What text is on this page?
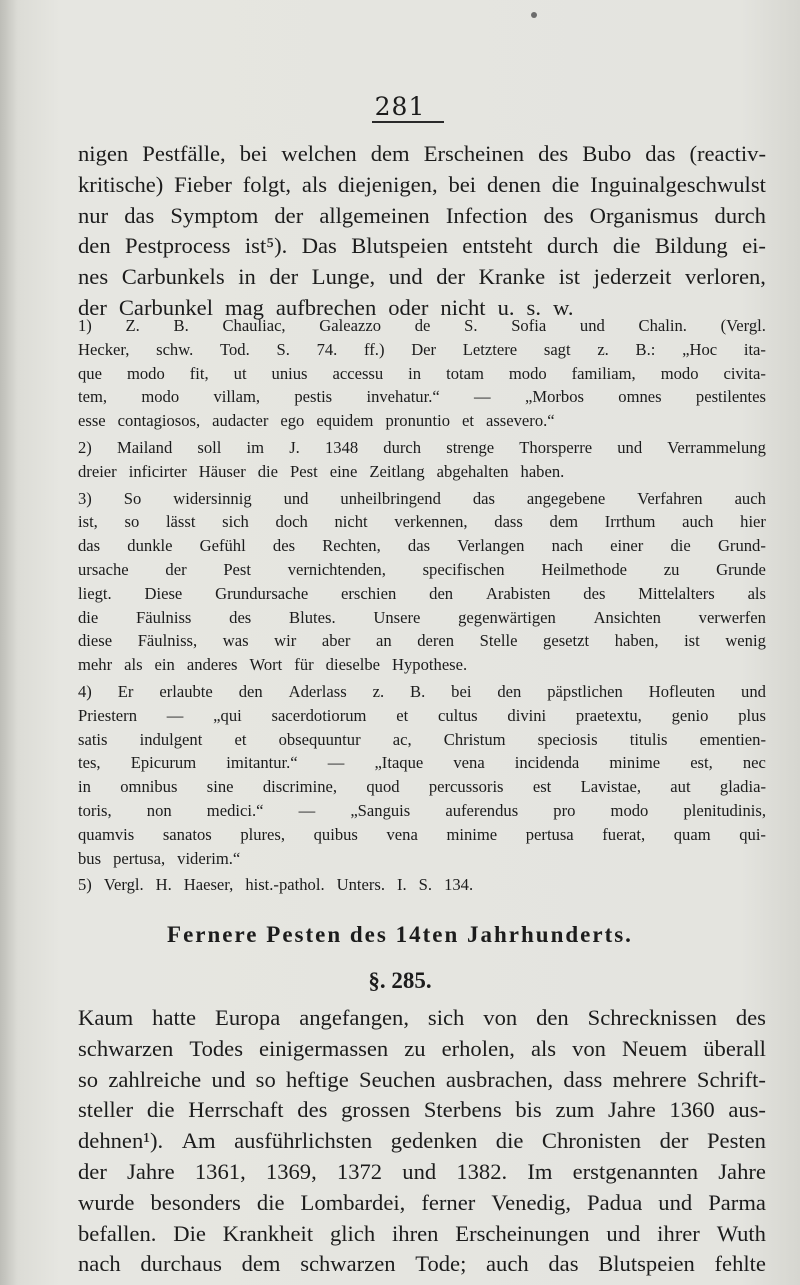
281
nigen Pestfälle, bei welchen dem Erscheinen des Bubo das (reactiv-
kritische) Fieber folgt, als diejenigen, bei denen die Inguinalgeschwulst
nur das Symptom der allgemeinen Infection des Organismus durch
den Pestprocess ist⁵). Das Blutspeien entsteht durch die Bildung ei-
nes Carbunkels in der Lunge, und der Kranke ist jederzeit verloren,
der Carbunkel mag aufbrechen oder nicht u. s. w.
1) Z. B. Chauliac, Galeazzo de S. Sofia und Chalin. (Vergl.
Hecker, schw. Tod. S. 74. ff.) Der Letztere sagt z. B.: „Hoc ita-
que modo fit, ut unius accessu in totam modo familiam, modo civita-
tem, modo villam, pestis invehatur.“ — „Morbos omnes pestilentes
esse contagiosos, audacter ego equidem pronuntio et assevero.“
2) Mailand soll im J. 1348 durch strenge Thorsperre und Verrammelung
dreier inficirter Häuser die Pest eine Zeitlang abgehalten haben.
3) So widersinnig und unheilbringend das angegebene Verfahren auch
ist, so lässt sich doch nicht verkennen, dass dem Irrthum auch hier
das dunkle Gefühl des Rechten, das Verlangen nach einer die Grund-
ursache der Pest vernichtenden, specifischen Heilmethode zu Grunde
liegt. Diese Grundursache erschien den Arabisten des Mittelalters als
die Fäulniss des Blutes. Unsere gegenwärtigen Ansichten verwerfen
diese Fäulniss, was wir aber an deren Stelle gesetzt haben, ist wenig
mehr als ein anderes Wort für dieselbe Hypothese.
4) Er erlaubte den Aderlass z. B. bei den päpstlichen Hofleuten und
Priestern — „qui sacerdotiorum et cultus divini praetextu, genio plus
satis indulgent et obsequuntur ac, Christum speciosis titulis ementien-
tes, Epicurum imitantur.“ — „Itaque vena incidenda minime est, nec
in omnibus sine discrimine, quod percussoris est Lavistae, aut gladia-
toris, non medici.“ — „Sanguis auferendus pro modo plenitudinis,
quamvis sanatos plures, quibus vena minime pertusa fuerat, quam qui-
bus pertusa, viderim.“
5) Vergl. H. Haeser, hist.-pathol. Unters. I. S. 134.
Fernere Pesten des 14ten Jahrhunderts.
§. 285.
Kaum hatte Europa angefangen, sich von den Schrecknissen des
schwarzen Todes einigermassen zu erholen, als von Neuem überall
so zahlreiche und so heftige Seuchen ausbrachen, dass mehrere Schrift-
steller die Herrschaft des grossen Sterbens bis zum Jahre 1360 aus-
dehnen¹). Am ausführlichsten gedenken die Chronisten der Pesten
der Jahre 1361, 1369, 1372 und 1382. Im erstgenannten Jahre
wurde besonders die Lombardei, ferner Venedig, Padua und Parma
befallen. Die Krankheit glich ihren Erscheinungen und ihrer Wuth
nach durchaus dem schwarzen Tode; auch das Blutspeien fehlte
